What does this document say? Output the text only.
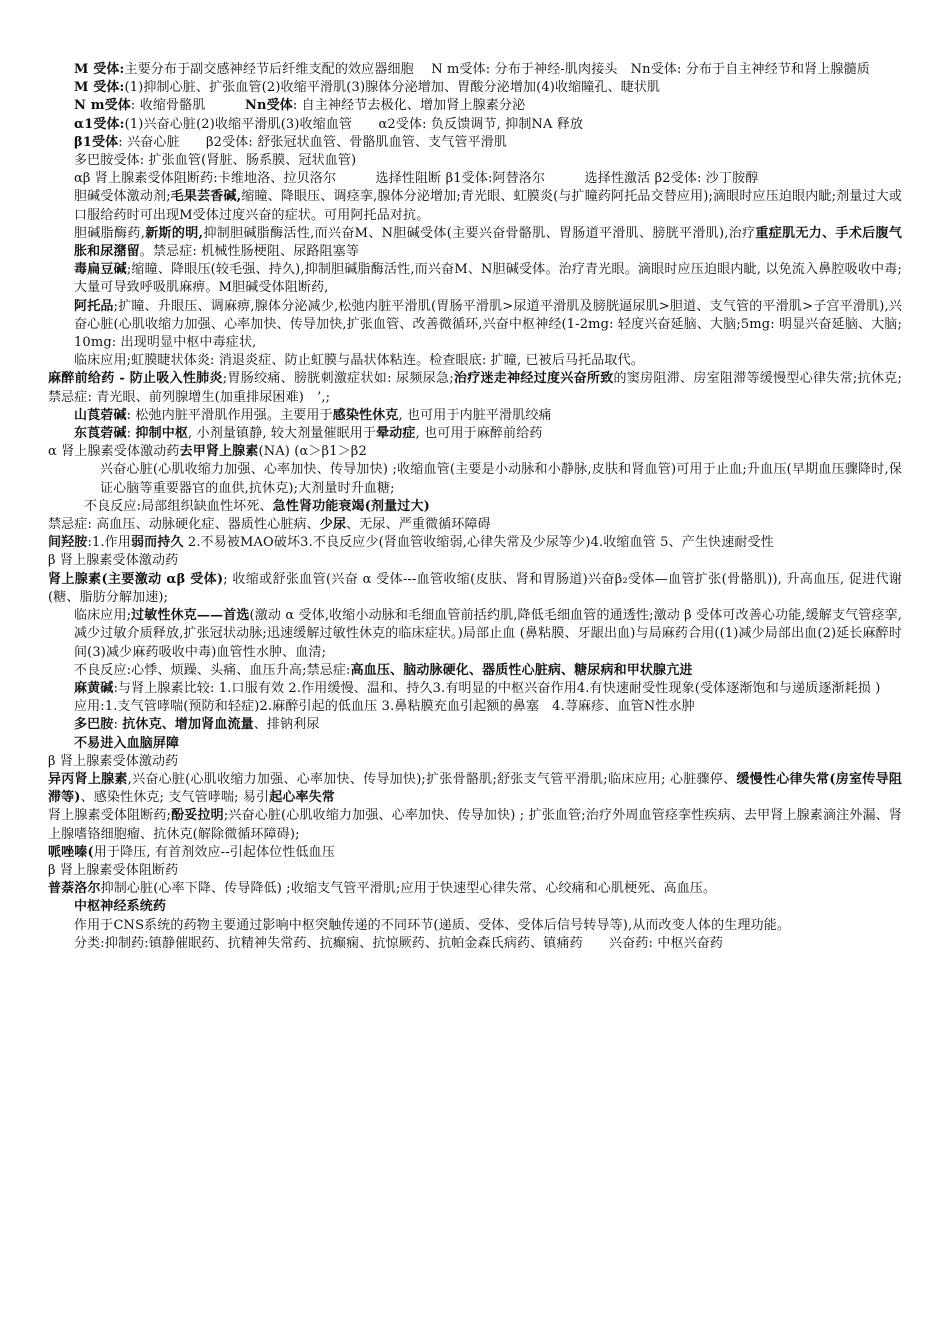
M 受体:主要分布于副交感神经节后纤维支配的效应器细胞　 N m受体: 分布于神经-肌肉接头　Nn受体: 分布于自主神经节和肾上腺髓质

M 受体:(1)抑制心脏、扩张血管(2)收缩平滑肌(3)腺体分泌增加、胃酸分泌增加(4)收缩瞳孔、睫状肌

N m受体: 收缩骨骼肌　　　Nn受体: 自主神经节去极化、增加肾上腺素分泌

α1受体:(1)兴奋心脏(2)收缩平滑肌(3)收缩血管　　α2受体: 负反馈调节, 抑制NA 释放

β1受体: 兴奋心脏　　β2受体: 舒张冠状血管、骨骼肌血管、支气管平滑肌

多巴胺受体: 扩张血管(肾脏、肠系膜、冠状血管)

αβ 肾上腺素受体阻断药:卡维地洛、拉贝洛尔　　　选择性阻断 β1受体:阿替洛尔　　　选择性激活 β2受体: 沙丁胺醇

胆碱受体激动剂;毛果芸香碱,缩瞳、降眼压、调痉挛,腺体分泌增加;青光眼、虹膜炎(与扩瞳药阿托品交替应用);滴眼时应压迫眼内眦;剂量过大或口服给药时可出现M受体过度兴奋的症状。可用阿托品对抗。

胆碱脂酶药,新斯的明,抑制胆碱脂酶活性,而兴奋M、N胆碱受体(主要兴奋骨骼肌、胃肠道平滑肌、膀胱平滑肌),治疗重症肌无力、手术后腹气胀和尿潴留。禁忌症: 机械性肠梗阻、尿路阻塞等

毒扁豆碱;缩瞳、降眼压(较毛强、持久),抑制胆碱脂酶活性,而兴奋M、N胆碱受体。治疗青光眼。滴眼时应压迫眼内眦, 以免流入鼻腔吸收中毒; 大量可导致呼吸肌麻痹。M胆碱受体阻断药,

阿托品;扩瞳、升眼压、调麻痹,腺体分泌减少,松弛内脏平滑肌(胃肠平滑肌>尿道平滑肌及膀胱逼尿肌>胆道、支气管的平滑肌>子宫平滑肌),兴奋心脏(心肌收缩力加强、心率加快、传导加快,扩张血管、改善微循环,兴奋中枢神经(1-2mg: 轻度兴奋延脑、大脑;5mg: 明显兴奋延脑、大脑;10mg: 出现明显中枢中毒症状,

临床应用;虹膜睫状体炎: 消退炎症、防止虹膜与晶状体粘连。检查眼底: 扩瞳, 已被后马托品取代。

麻醉前给药 - 防止吸入性肺炎;胃肠绞痛、膀胱刺激症状如: 尿频尿急;治疗迷走神经过度兴奋所致的窦房阻滞、房室阻滞等缓慢型心律失常;抗休克;禁忌症: 青光眼、前列腺增生(加重排尿困难)　’,;

山莨菪碱: 松弛内脏平滑肌作用强。主要用于感染性休克, 也可用于内脏平滑肌绞痛

东莨菪碱: 抑制中枢, 小剂量镇静, 较大剂量催眠用于晕动症, 也可用于麻醉前给药

α 肾上腺素受体激动药去甲肾上腺素(NA) (α＞β1＞β2

兴奋心脏(心肌收缩力加强、心率加快、传导加快) ;收缩血管(主要是小动脉和小静脉,皮肤和肾血管)可用于止血;升血压(早期血压骤降时,保证心脑等重要器官的血供,抗休克);大剂量时升血糖;

不良反应:局部组织缺血性坏死、急性肾功能衰竭(剂量过大)

禁忌症: 高血压、动脉硬化症、器质性心脏病、少尿、无尿、严重微循环障碍

间羟胺:1.作用弱而持久 2.不易被MAO破坏3.不良反应少(肾血管收缩弱,心律失常及少尿等少)4.收缩血管 5、产生快速耐受性

β 肾上腺素受体激动药

肾上腺素(主要激动 αβ 受体); 收缩或舒张血管(兴奋 α 受体---血管收缩(皮肤、肾和胃肠道)兴奋β₂受体—血管扩张(骨骼肌)), 升高血压, 促进代谢(糖、脂肪分解加速);

临床应用;过敏性休克——首选(激动 α 受体,收缩小动脉和毛细血管前括约肌,降低毛细血管的通透性;激动 β 受体可改善心功能,缓解支气管痉挛,减少过敏介质释放,扩张冠状动脉;迅速缓解过敏性休克的临床症状。)局部止血 (鼻粘膜、牙龈出血)与局麻药合用((1)减少局部出血(2)延长麻醉时间(3)减少麻药吸收中毒)血管性水肿、血清;

不良反应:心悸、烦躁、头痛、血压升高;禁忌症:高血压、脑动脉硬化、器质性心脏病、糖尿病和甲状腺亢进

麻黄碱:与肾上腺素比较: 1.口服有效 2.作用缓慢、温和、持久3.有明显的中枢兴奋作用4.有快速耐受性现象(受体逐渐饱和与递质逐渐耗损 )

应用:1.支气管哮喘(预防和轻症)2.麻醉引起的低血压 3.鼻粘膜充血引起额的鼻塞　4.荨麻疹、血管N性水肿

多巴胺: 抗休克、增加肾血流量、排钠利尿

不易进入血脑屏障

β 肾上腺素受体激动药

异丙肾上腺素,兴奋心脏(心肌收缩力加强、心率加快、传导加快);扩张骨骼肌;舒张支气管平滑肌;临床应用; 心脏骤停、缓慢性心律失常(房室传导阻滞等)、感染性休克; 支气管哮喘; 易引起心率失常

肾上腺素受体阻断药;酚妥拉明;兴奋心脏(心肌收缩力加强、心率加快、传导加快) ; 扩张血管;治疗外周血管痉挛性疾病、去甲肾上腺素滴注外漏、肾上腺嗜铬细胞瘤、抗休克(解除微循环障碍);

哌唑嗪(用于降压, 有首剂效应--引起体位性低血压

β 肾上腺素受体阻断药

普萘洛尔抑制心脏(心率下降、传导降低) ;收缩支气管平滑肌;应用于快速型心律失常、心绞痛和心肌梗死、高血压。

中枢神经系统药

作用于CNS系统的药物主要通过影响中枢突触传递的不同环节(递质、受体、受体后信号转导等),从而改变人体的生理功能。

分类:抑制药:镇静催眠药、抗精神失常药、抗癫痫、抗惊厥药、抗帕金森氏病药、镇痛药　　兴奋药: 中枢兴奋药
